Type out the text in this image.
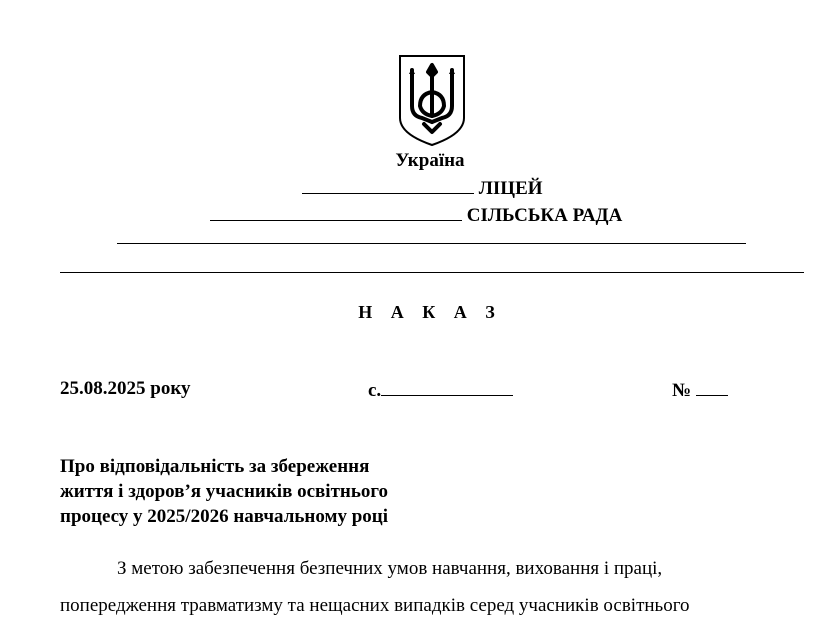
Україна
ЛІЦЕЙ
СІЛЬСЬКА РАДА
Н А К А З
25.08.2025 року	с.	№
Про відповідальність за збереження
життя і здоров’я учасників освітнього
процесу у 2025/2026 навчальному році
З метою забезпечення безпечних умов навчання, виховання і праці,
попередження травматизму та нещасних випадків серед учасників освітнього
